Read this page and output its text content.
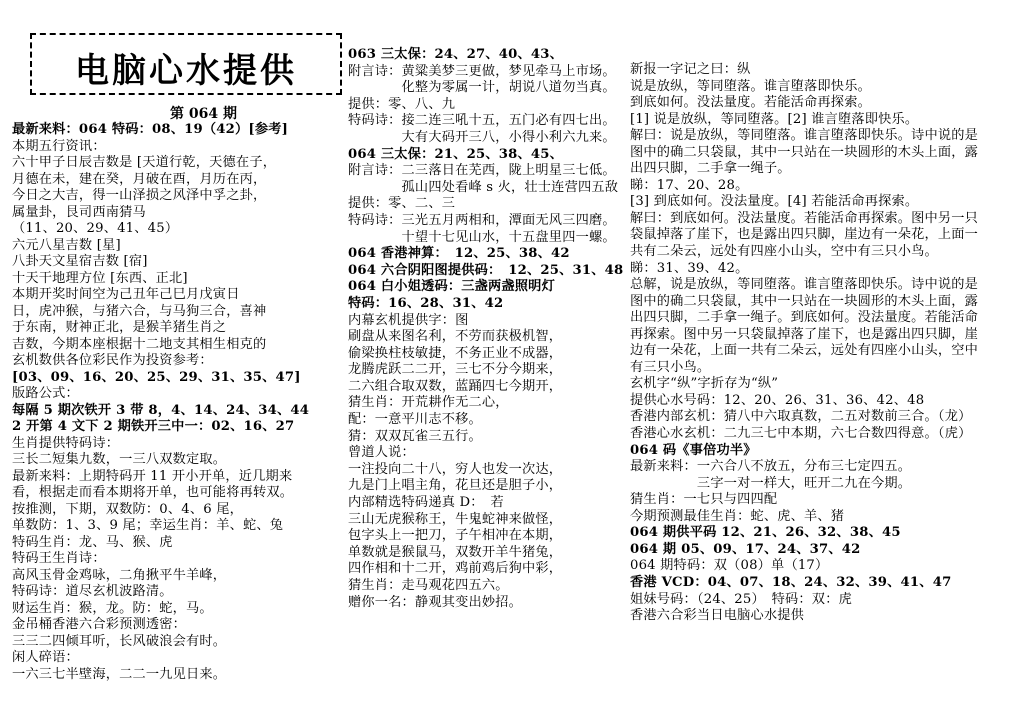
电脑心水提供
第 064 期
最新来料：064 特码：08、19（42）[参考]
本期五行资讯：
六十甲子日辰吉数是 [天道行乾，天德在子，
月德在未，建在癸，月破在酉，月历在丙，
今日之大吉，得一山泽损之风泽中孚之卦，
属量卦，艮司西南猜马
（11、20、29、41、45）
六元八星吉数 [星]
八卦天文星宿吉数 [宿]
十天干地理方位 [东西、正北]
本期开奖时间空为己丑年己巳月戊寅日
日，虎冲猴，与猪六合，与马狗三合，喜神
于东南，财神正北，是猴羊猪生肖之
吉数，今期本座根据十二地支其相生相克的
玄机数供各位彩民作为投资参考：
[03、09、16、20、25、29、31、35、47]
版路公式：
每隔 5 期次铁开 3 带 8，4、14、24、34、44
2 开第 4 文下 2 期铁开三中一：02、16、27
生肖提供特码诗：
三长二短集九数，一三八双数定取。
最新来料：上期特码开 11 开小开单，近几期来
看，根据走而看本期将开单，也可能将再转双。
按推测，下期，双数防：0、4、6 尾，
单数防：1、3、9 尾；幸运生肖：羊、蛇、兔
特码生肖：龙、马、猴、虎
特码王生肖诗：
高风玉骨金鸡咏，二角揪平牛羊峰，
特码诗：道尽玄机波路清。
财运生肖：猴，龙。防：蛇，马。
金吊桶香港六合彩预测透密：
三三二四倾耳听，长风破浪会有时。
闲人碎语：
一六三七半壁海，二二一九见日来。
063 三太保：24、27、40、43、
附言诗：黄粱美梦三更做，梦见牵马上市场。
　　　　化整为零属一计，胡说八道勿当真。
提供：零、八、九
特码诗：接二连三吼十五，五门必有四七出。
　　　　大有大码开三八，小得小利六九来。
064 三太保：21、25、38、45、
附言诗：二三落日在芜西，陇上明星三七低。
　　　　孤山四处看峰 s 火，壮士连营四五敌
提供：零、二、三
特码诗：三光五月两相和，潭面无风三四磨。
　　　　十望十七见山水，十五盘里四一螺。
064 香港神算：　12、25、38、42
064 六合阴阳图提供码：　12、25、31、48
064 白小姐透码：三盏两盏照明灯
特码：16、28、31、42
内幕玄机提供字：图
刷盘从来图名利，不劳而获极机智，
偷梁换柱枝敏捷，不务正业不成器，
龙腾虎跃二二开，三七不分今期来，
二六组合取双数，蓝踊四七今期开，
猜生肖：开荒耕作无二心，
配：一意平川志不移。
猜：双双瓦雀三五行。
曾道人说：
一注投向二十八，穷人也发一次达，
九是门上唱主角，花旦还是胆子小，
内部精选特码递真 D：　若
三山无虎猴称王，牛鬼蛇神来做怪，
包字头上一把刀，子午相冲在本期，
单数就是猴鼠马，双数开羊牛猪兔，
四作相和十二开，鸡前鸡后狗中彩，
猜生肖：走马观花四五六。
赠你一名：静观其变出妙招。
新报一字记之曰：纵
说是放纵，等同堕落。谁言堕落即快乐。
到底如何。没法量度。若能活命再探索。
[1] 说是放纵，等同堕落。[2] 谁言堕落即快乐。
解曰：说是放纵，等同堕落。谁言堕落即快乐。诗中说的是
图中的确二只袋鼠，其中一只站在一块圆形的木头上面，露
出四只脚，二手拿一绳子。
睇：17、20、28。
[3] 到底如何。没法量度。[4] 若能活命再探索。
解曰：到底如何。没法量度。若能活命再探索。图中另一只
袋鼠掉落了崖下，也是露出四只脚，崖边有一朵花，上面一
共有二朵云，远处有四座小山头，空中有三只小鸟。
睇：31、39、42。
总解，说是放纵，等同堕落。谁言堕落即快乐。诗中说的是
图中的确二只袋鼠，其中一只站在一块圆形的木头上面，露
出四只脚，二手拿一绳子。到底如何。没法量度。若能活命
再探索。图中另一只袋鼠掉落了崖下，也是露出四只脚，崖
边有一朵花，上面一共有二朵云，远处有四座小山头，空中
有三只小鸟。
玄机字“纵”字折存为“纵”
提供心水号码：12、20、26、31、36、42、48
香港内部玄机：猜八中六取真数，二五对数前三合。（龙）
香港心水玄机：二九三七中本期，六七合数四得意。（虎）
064 码《事倍功半》
最新来料：一六合八不放五，分布三七定四五。
　　　　　三字一对一样大，旺开二九在今期。
猜生肖：一七只与四四配
今期预测最佳生肖：蛇、虎、羊、猪
064 期供平码 12、21、26、32、38、45
064 期 05、09、17、24、37、42
064 期特码：双（08）单（17）
香港 VCD：04、07、18、24、32、39、41、47
姐妹号码：（24、25）　特码：双：虎
香港六合彩当日电脑心水提供
